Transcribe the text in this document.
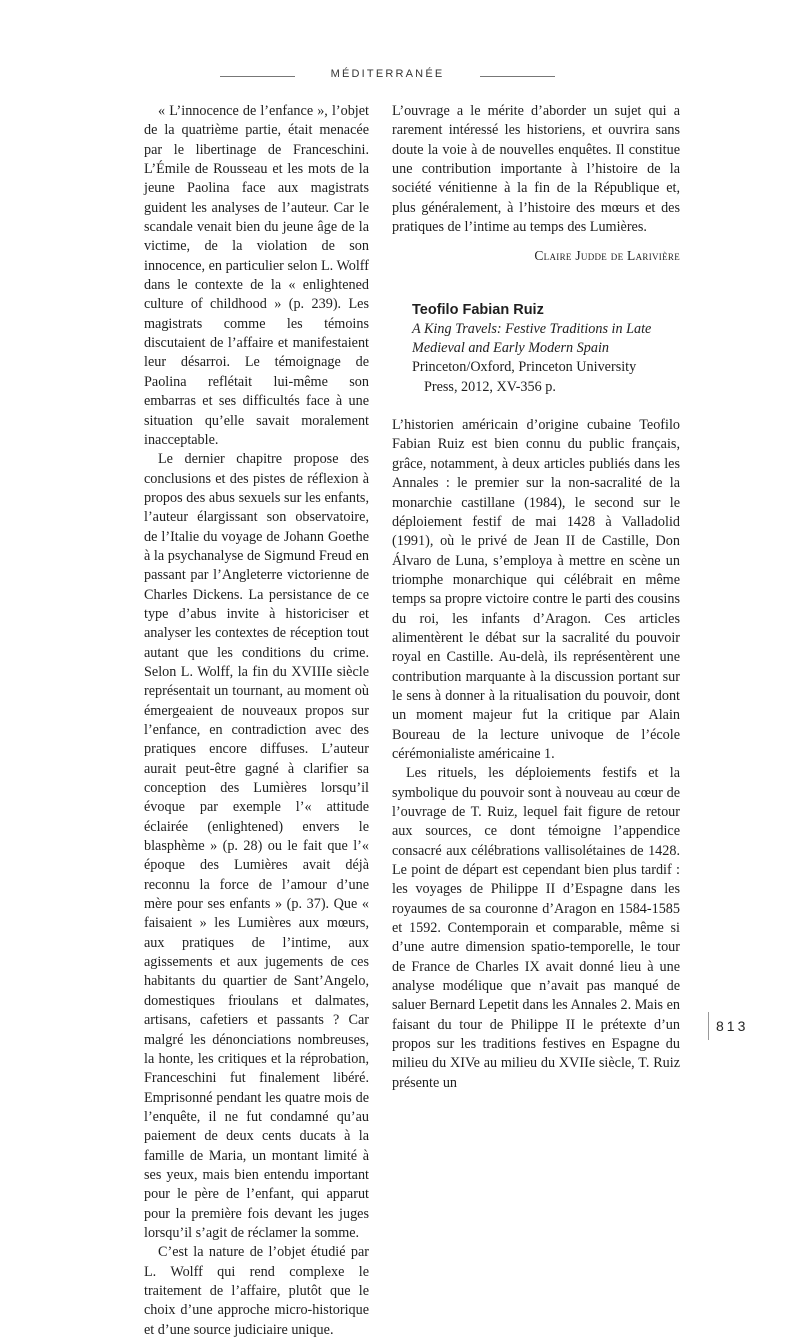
MÉDITERRANÉE

« L’innocence de l’enfance », l’objet de la quatrième partie, était menacée par le libertinage de Franceschini. L’Émile de Rousseau et les mots de la jeune Paolina face aux magistrats guident les analyses de l’auteur. Car le scandale venait bien du jeune âge de la victime, de la violation de son innocence, en particulier selon L. Wolff dans le contexte de la « enlightened culture of childhood » (p. 239). Les magistrats comme les témoins discutaient de l’affaire et manifestaient leur désarroi. Le témoignage de Paolina reflétait lui-même son embarras et ses difficultés face à une situation qu’elle savait moralement inacceptable.

Le dernier chapitre propose des conclusions et des pistes de réflexion à propos des abus sexuels sur les enfants, l’auteur élargissant son observatoire, de l’Italie du voyage de Johann Goethe à la psychanalyse de Sigmund Freud en passant par l’Angleterre victorienne de Charles Dickens. La persistance de ce type d’abus invite à historiciser et analyser les contextes de réception tout autant que les conditions du crime. Selon L. Wolff, la fin du XVIIIe siècle représentait un tournant, au moment où émergeaient de nouveaux propos sur l’enfance, en contradiction avec des pratiques encore diffuses. L’auteur aurait peut-être gagné à clarifier sa conception des Lumières lorsqu’il évoque par exemple l’« attitude éclairée (enlightened) envers le blasphème » (p. 28) ou le fait que l’« époque des Lumières avait déjà reconnu la force de l’amour d’une mère pour ses enfants » (p. 37). Que « faisaient » les Lumières aux mœurs, aux pratiques de l’intime, aux agissements et aux jugements de ces habitants du quartier de Sant’Angelo, domestiques frioulans et dalmates, artisans, cafetiers et passants ? Car malgré les dénonciations nombreuses, la honte, les critiques et la réprobation, Franceschini fut finalement libéré. Emprisonné pendant les quatre mois de l’enquête, il ne fut condamné qu’au paiement de deux cents ducats à la famille de Maria, un montant limité à ses yeux, mais bien entendu important pour le père de l’enfant, qui apparut pour la première fois devant les juges lorsqu’il s’agit de réclamer la somme.

C’est la nature de l’objet étudié par L. Wolff qui rend complexe le traitement de l’affaire, plutôt que le choix d’une approche micro-historique et d’une source judiciaire unique.

L’ouvrage a le mérite d’aborder un sujet qui a rarement intéressé les historiens, et ouvrira sans doute la voie à de nouvelles enquêtes. Il constitue une contribution importante à l’histoire de la société vénitienne à la fin de la République et, plus généralement, à l’histoire des mœurs et des pratiques de l’intime au temps des Lumières.

Claire Judde de Larivière
Teofilo Fabian Ruiz
A King Travels: Festive Traditions in Late
Medieval and Early Modern Spain
Princeton/Oxford, Princeton University
Press, 2012, XV-356 p.

L’historien américain d’origine cubaine Teofilo Fabian Ruiz est bien connu du public français, grâce, notamment, à deux articles publiés dans les Annales : le premier sur la non-sacralité de la monarchie castillane (1984), le second sur le déploiement festif de mai 1428 à Valladolid (1991), où le privé de Jean II de Castille, Don Álvaro de Luna, s’employa à mettre en scène un triomphe monarchique qui célébrait en même temps sa propre victoire contre le parti des cousins du roi, les infants d’Aragon. Ces articles alimentèrent le débat sur la sacralité du pouvoir royal en Castille. Au-delà, ils représentèrent une contribution marquante à la discussion portant sur le sens à donner à la ritualisation du pouvoir, dont un moment majeur fut la critique par Alain Boureau de la lecture univoque de l’école cérémonialiste américaine 1.

Les rituels, les déploiements festifs et la symbolique du pouvoir sont à nouveau au cœur de l’ouvrage de T. Ruiz, lequel fait figure de retour aux sources, ce dont témoigne l’appendice consacré aux célébrations vallisolétaines de 1428. Le point de départ est cependant bien plus tardif : les voyages de Philippe II d’Espagne dans les royaumes de sa couronne d’Aragon en 1584-1585 et 1592. Contemporain et comparable, même si d’une autre dimension spatio-temporelle, le tour de France de Charles IX avait donné lieu à une analyse modélique que n’avait pas manqué de saluer Bernard Lepetit dans les Annales 2. Mais en faisant du tour de Philippe II le prétexte d’un propos sur les traditions festives en Espagne du milieu du XIVe au milieu du XVIIe siècle, T. Ruiz présente un

813
